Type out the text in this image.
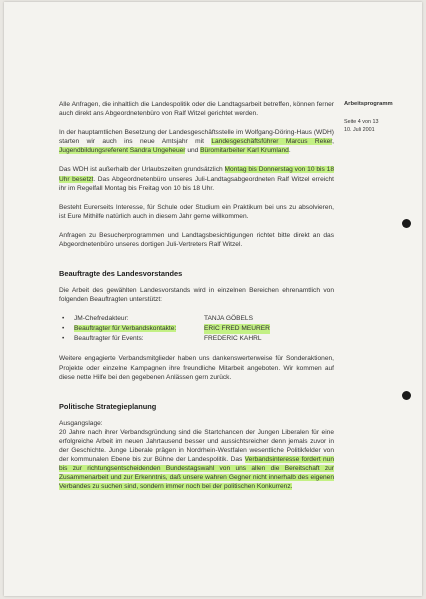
Arbeitsprogramm
Seite 4 von 13
10. Juli 2001

Alle Anfragen, die inhaltlich die Landespolitik oder die Landtagsarbeit betreffen, können ferner auch direkt ans Abgeordnetenbüro von Ralf Witzel gerichtet werden.

In der hauptamtlichen Besetzung der Landesgeschäftsstelle im Wolfgang-Döring-Haus (WDH) starten wir auch ins neue Amtsjahr mit Landesgeschäftsführer Marcus Reker, Jugendbildungsreferent Sandra Ungeheuer und Büromitarbeiter Karl Krumland.

Das WDH ist außerhalb der Urlaubszeiten grundsätzlich Montag bis Donnerstag von 10 bis 18 Uhr besetzt. Das Abgeordnetenbüro unseres Juli-Landtagsabgeordneten Ralf Witzel erreicht ihr im Regelfall Montag bis Freitag von 10 bis 18 Uhr.

Besteht Eurerseits Interesse, für Schule oder Studium ein Praktikum bei uns zu absolvieren, ist Eure Mithilfe natürlich auch in diesem Jahr gerne willkommen.

Anfragen zu Besucherprogrammen und Landtagsbesichtigungen richtet bitte direkt an das Abgeordnetenbüro unseres dortigen Juli-Vertreters Ralf Witzel.

Beauftragte des Landesvorstandes

Die Arbeit des gewählten Landesvorstands wird in einzelnen Bereichen ehrenamtlich von folgenden Beauftragten unterstützt:

•	JM-Chefredakteur:	TANJA GÖBELS
•	Beauftragter für Verbandskontakte:	ERIC FRED MEURER
•	Beauftragter für Events:	FREDERIC KAHRL

Weitere engagierte Verbandsmitglieder haben uns dankenswerterweise für Sonderaktionen, Projekte oder einzelne Kampagnen ihre freundliche Mitarbeit angeboten. Wir kommen auf diese nette Hilfe bei den gegebenen Anlässen gern zurück.

Politische Strategieplanung
Ausgangslage:

20 Jahre nach ihrer Verbandsgründung sind die Startchancen der Jungen Liberalen für eine erfolgreiche Arbeit im neuen Jahrtausend besser und aussichtsreicher denn jemals zuvor in der Geschichte. Junge Liberale prägen in Nordrhein-Westfalen wesentliche Politikfelder von der kommunalen Ebene bis zur Bühne der Landespolitik. Das Verbandsinteresse fordert nun bis zur richtungsentscheidenden Bundestagswahl von uns allen die Bereitschaft zur Zusammenarbeit und zur Erkenntnis, daß unsere wahren Gegner nicht innerhalb des eigenen Verbandes zu suchen sind, sondern immer noch bei der politischen Konkurrenz.
